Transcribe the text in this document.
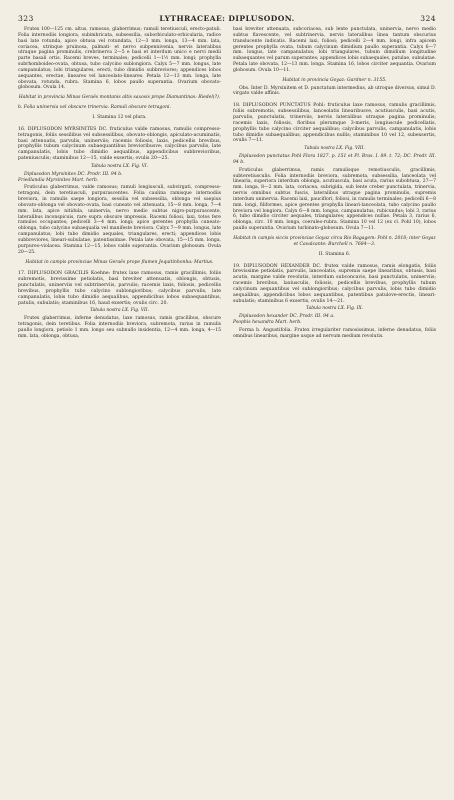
323	LYTHRACEAE: DIPLUSODON.	324

Frutex 100—125 cm. altus, ramosus, glaberrimus; ramuli teretiusculi, erecto-patuli. Folia internodiis longiora, subimbricata, subsessilia, suborbiculato-orbicularia, radice basi late rotunda, apice obtusa vel rotundata, 12—3 mm. longa, 13—4 mm. lata, coriacea, utrinque pruinosa, palmati- et nervo subpennivenia, nervis lateralibus utraque pagina prominulis, crebrinerva 2—5 e basi et interdum unico e nervi medii parte basali ortis. Racemi breves, terminales; pedicelli 1—1½ mm. longi; prophylla subrhomboideo-ovata, obtusa, tubo calycino sublongiora. Calyx 5—7 mm. longus, late campanulatus; lobi triangulares, erecti, tubo dimidio subbreviores; appendices lobos aequantes, erectae, lineares vel lanceolato-lineares. Petala 12—13 mm. longa, late obovata, rotunda, rubra. Stamina 6, lobos paullo superantia. Ovarium obovato-globosum. Ovula 14.

Habitat in provincia Minas Geraës montanis altis saxosis prope Diamantinas: Riedel(?).

b. Folia uninervia vel obscure trinervia. Ramuli obscure tetragoni.

I. Stamina 12 vel plura.

16. DIPLUSODON MYRSINITES DC. fruticulus valde ramosus, ramulis compresso-tetragonis, foliis sessilibus vel subsessilibus, obovato-oblongis, apiculato-acuminatis, basi attenuatis, parvulis, uninerviis; racemis foliosis, laxis, pedicellis brevibus, prophyllis tubum calycinum subaequantibus brevioribusve; calycibus parvulis, late campanulatis, lobis tubo dimidio aequalibus, appendicibus subbrevioribus, pateniusculis; staminibus 12—15, valde exsertis; ovulis 20—25.

Tabula nostra LX. Fig. VI.

Diplusodon Myrsinites DC. Prodr. III. 94 b.
Friedlandia Myrsinites Mart. herb.

Fruticulus glaberrimus, valde ramosus; ramuli longiusculi, subvirgati, compresso-tetragoni, dein teretiusculi, purpurascentes. Folia caulina ramisque internodiis breviora, in ramulis saepe longiora, sessilia vel subsessilia, oblonga vel saepius obovato-oblonga vel obovato-ovata, basi cuneato vel attenuata, 15—8 mm. longa, 7—4 mm. lata, apice nitidula, uninervia, nervo medio subtus nigro-purpurascente, lateralibus inconspicuis, rare supra obscure impressis. Racemi foliosi, laxi, totos fere ramulos occupantes; pedicelli 3—4 mm. longi; apice gerentes prophylla cuneato-oblonga, tubo calycino subaequalia vel manifeste breviora. Calyx 7—9 mm. longus, late campanulatus; lobi tubo dimidio aequales, triangulares, erecti; appendices lobis subbreviores, lineari-subulatae, patentissimae. Petala late obovata, 15—15 mm. longa, purpureo-violacea. Stamina 12—15, lobos valde superantia. Ovarium globosum. Ovula 20—25.

Habitat in campis provinciae Minas Geraës prope flumen Jequitinhonha: Martius.

17. DIPLUSODON GRACILIS Koehne: frutex laxe ramosus, ramis gracillimis, foliis subremotis, brevissime petiolatis, basi breviter attenuatis, oblongis, obtusis, punctulatis, uninerviis vel subtrinerviis, parvulis; racemis laxis, foliosis, pedicellis brevibus, prophyllis tubo calycino sublongioribus; calycibus parvulis, late campanulatis, lobis tubo dimidio aequalibus, appendicibus lobos subaequantibus, patulis, subulatis; staminibus 16, haud exsertis; ovulis circ. 20.

Tabula nostra LX. Fig. VII.

Frutex glaberrimus, inferne denudatus, laxe ramosus, ramis gracilibus, obscure tetragonis, dein teretibus. Folia internodiis breviora, subremota, rarius in ramulis paullo longiora, petiolo 1 mm. longo seu subnullo insidentia, 12—4 mm. longa, 4—15 mm. lata, oblonga, obtusa,

basi breviter attenuata, subcoriacea, sub lente punctulata, uninervia, nervo medio subtus flavescente, vel subtrinervia, nervis lateralibus linea tantum obscurius translucente indicatis. Racemi laxi, foliosi; pedicelli 2—4 mm. longi, infra apicem gerentes prophylla ovata, tubum calycinum dimidium paullo superantia. Calyx 6—7 mm. longus, late campanulatus; lobi triangulares, tubum dimidium longitudine subaequantes vel parum superantes; appendices lobis subaequales, patulae, subulatae. Petala late obovata, 12—13 mm. longa. Stamina 16, lobos circiter aequantia. Ovarium globosum. Ovula 10—11.

Habitat in provincia Goyaz: Gardner n. 3155.

Obs. Inter D. Myrsinitem et D. punctatum intermedius, ab utroque diversus, simul D. virgato valde affinis.

18. DIPLUSODON PUNCTATUS Pohl: fruticulus laxe ramosus, ramulis gracillimis, foliis subremotis, subsessilibus, lanceolatis linearibusve, acutiusculis, basi acutis, parvulis, punctulatis, trinerviis, nervis lateralibus utraque pagina prominulis; racemis laxis, foliosis, floribus plerumque 3-meris, longiuscule pedicellatis, prophyllis tubo calycino circiter aequalibus; calycibus parvulis, campanulatis, lobis tubo dimidio subaequalibus, appendicibus nullis; staminibus 10 vel 12, subexsertis, ovulis 7—11.

Tabula nostra LX. Fig. VIII.

Diplusodon punctatus Pohl Flora 1827. p. 151 et Pl. Bras. I. 89. t. 72; DC. Prodr. III. 94 b.

Fruticulus glaberrimus, ramis ramulisque remotiusculis, gracillimis, subteretiusculis. Folia internodiis breviora, subremota, subsessilia, lanceolata vel linearia, superiora interdum oblonga, acutiuscula, basi acuta, rarius subobtusa, 27—7 mm. longa, 8—2 mm. lata, coriacea, subrigida, sub lente creber punctulata, trinervia, nervis omnibus subtus fuscis, lateralibus utraque pagina prominulis, supremis interdum uninervia. Racemi laxi, pauciflori, foliosi, in ramulis terminales; pedicelli 6—8 mm. longi, filiformes, apice gerentes prophylla lineari-lanceolata, tubo calycino paullo breviora vel longiora. Calyx 6—8 mm. longus, campanulatus, rubicundus; lobi 3, rarius 6, tubo dimidio circiter aequales, triangulares; appendices nullae. Petala 3, rarius 6, oblonga, circ. 10 mm. longa, coeruleo-rubra. Stamina 10 vel 12 (ex cl. Pohl 10), lobos paullo superantia. Ovarium turbinato-globosum. Ovula 7—11.

Habitat in campis siccis provinciae Goyaz circa Rio Bagagem: Pohl n. 2018; inter Goyaz et Cavalcante: Burchell n. 7684—3.

II. Stamina 6.

19. DIPLUSODON HEXANDER DC. frutex valde ramosus, ramis elongatis, foliis brevissime petiolatis, parvulis, lanceolatis, supremis saepe linearibus, obtusis, basi acutis, margine valde revolutis, interdum subconcavis, basi punctulatis, uninerviis; racemis brevibus, laxiusculis, foliosis, pedicellis brevibus, prophyllis tubum calycinum aequantibus vel sublongioribus; calycibus parvulis, lobis tubo dimidio aequalibus, appendicibus lobos aequantibus, patentibus patulove-erectis, lineari-subulatis; staminibus 6 exsertis, ovulis 14—21.

Tabula nostra LX. Fig. IX.

Diplusodon hexander DC. Prodr. III. 94 a.
Psophis hexandra Mart. herb.

Forma b. Angustifolia. Frutex irregulariter ramosissimus, inferne denudatus, foliis omnibus linearibus, margine usque ad nervum medium revolutis.
